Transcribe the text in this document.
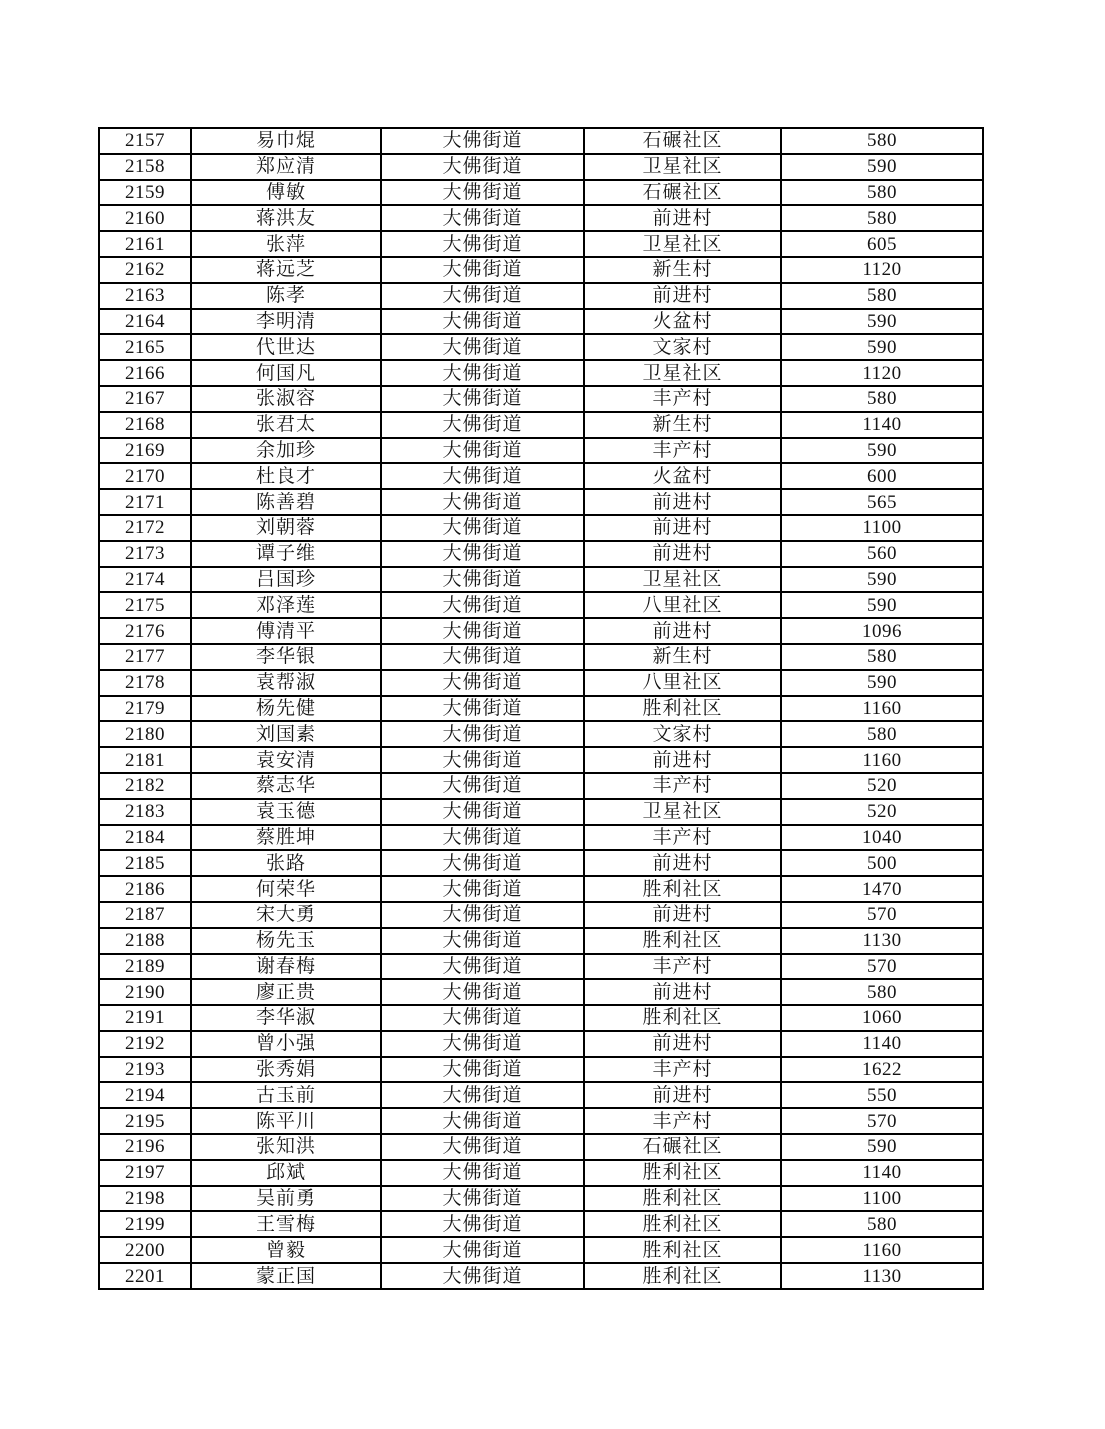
2157	易巾焜	大佛街道	石碾社区	580
2158	郑应清	大佛街道	卫星社区	590
2159	傅敏	大佛街道	石碾社区	580
2160	蒋洪友	大佛街道	前进村	580
2161	张萍	大佛街道	卫星社区	605
2162	蒋远芝	大佛街道	新生村	1120
2163	陈孝	大佛街道	前进村	580
2164	李明清	大佛街道	火盆村	590
2165	代世达	大佛街道	文家村	590
2166	何国凡	大佛街道	卫星社区	1120
2167	张淑容	大佛街道	丰产村	580
2168	张君太	大佛街道	新生村	1140
2169	余加珍	大佛街道	丰产村	590
2170	杜良才	大佛街道	火盆村	600
2171	陈善碧	大佛街道	前进村	565
2172	刘朝蓉	大佛街道	前进村	1100
2173	谭子维	大佛街道	前进村	560
2174	吕国珍	大佛街道	卫星社区	590
2175	邓泽莲	大佛街道	八里社区	590
2176	傅清平	大佛街道	前进村	1096
2177	李华银	大佛街道	新生村	580
2178	袁帮淑	大佛街道	八里社区	590
2179	杨先健	大佛街道	胜利社区	1160
2180	刘国素	大佛街道	文家村	580
2181	袁安清	大佛街道	前进村	1160
2182	蔡志华	大佛街道	丰产村	520
2183	袁玉德	大佛街道	卫星社区	520
2184	蔡胜坤	大佛街道	丰产村	1040
2185	张路	大佛街道	前进村	500
2186	何荣华	大佛街道	胜利社区	1470
2187	宋大勇	大佛街道	前进村	570
2188	杨先玉	大佛街道	胜利社区	1130
2189	谢春梅	大佛街道	丰产村	570
2190	廖正贵	大佛街道	前进村	580
2191	李华淑	大佛街道	胜利社区	1060
2192	曾小强	大佛街道	前进村	1140
2193	张秀娟	大佛街道	丰产村	1622
2194	古玉前	大佛街道	前进村	550
2195	陈平川	大佛街道	丰产村	570
2196	张知洪	大佛街道	石碾社区	590
2197	邱斌	大佛街道	胜利社区	1140
2198	吴前勇	大佛街道	胜利社区	1100
2199	王雪梅	大佛街道	胜利社区	580
2200	曾毅	大佛街道	胜利社区	1160
2201	蒙正国	大佛街道	胜利社区	1130
